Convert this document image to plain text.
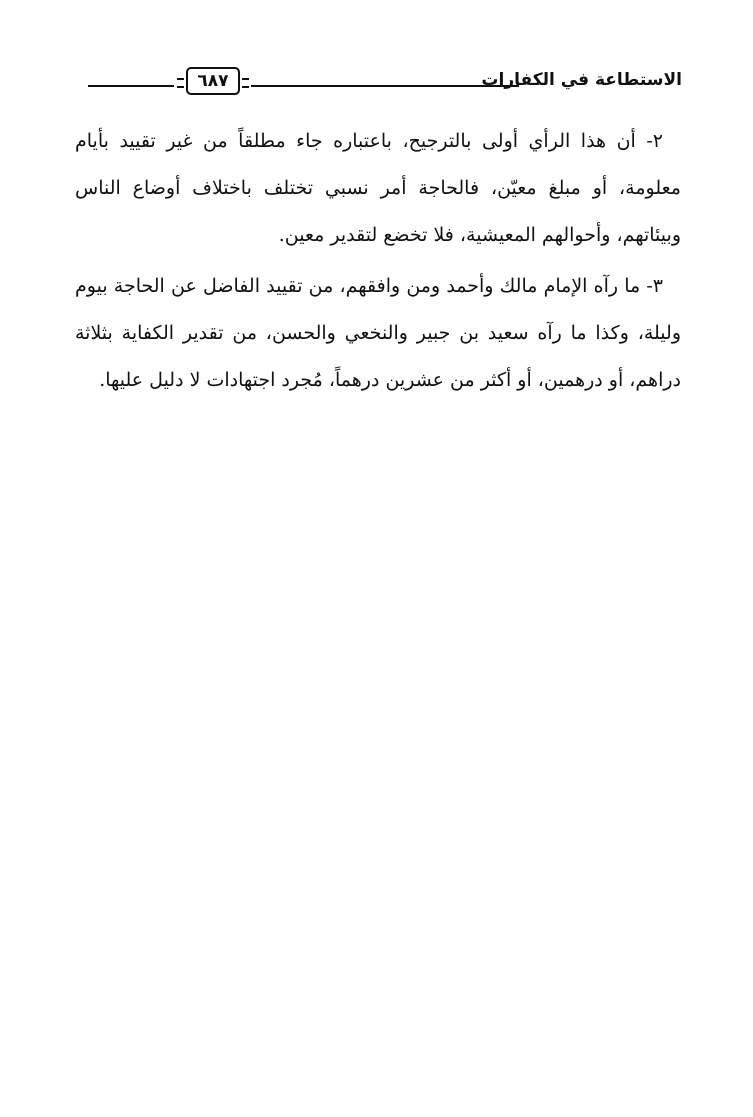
٦٨٧	الاستطاعة في الكفارات

٢- أن هذا الرأي أولى بالترجيح، باعتباره جاء مطلقاً من غير تقييد بأيام معلومة، أو مبلغ معيّن، فالحاجة أمر نسبي تختلف باختلاف أوضاع الناس وبيئاتهم، وأحوالهم المعيشية، فلا تخضع لتقدير معين.

٣- ما رآه الإمام مالك وأحمد ومن وافقهم، من تقييد الفاضل عن الحاجة بيوم وليلة، وكذا ما رآه سعيد بن جبير والنخعي والحسن، من تقدير الكفاية بثلاثة دراهم، أو درهمين، أو أكثر من عشرين درهماً، مُجرد اجتهادات لا دليل عليها.
